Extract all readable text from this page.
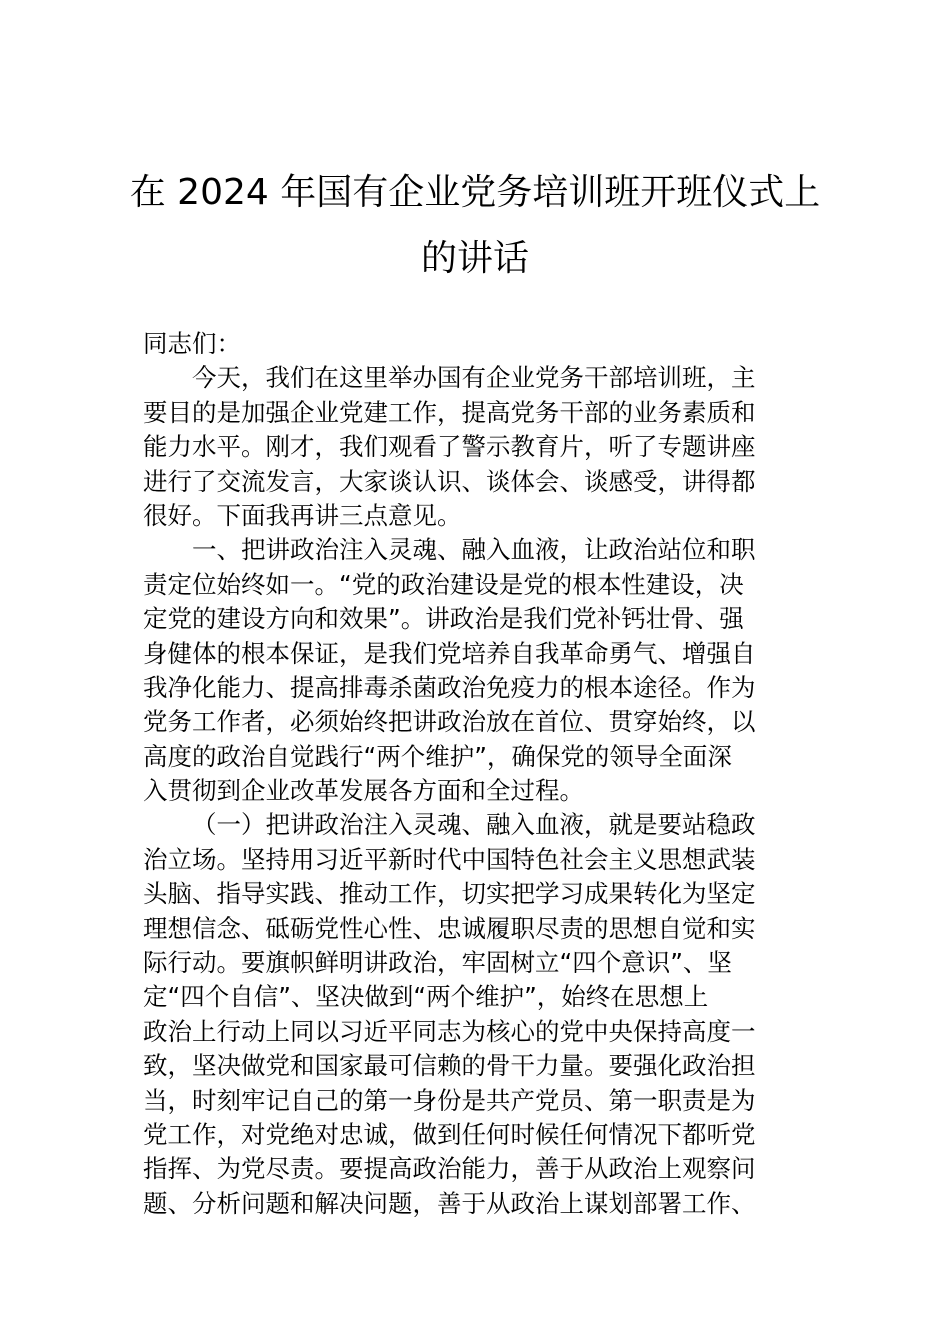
在 2024 年国有企业党务培训班开班仪式上
的讲话
同志们：
今天，我们在这里举办国有企业党务干部培训班，主
要目的是加强企业党建工作，提高党务干部的业务素质和
能力水平。刚才，我们观看了警示教育片，听了专题讲座
进行了交流发言，大家谈认识、谈体会、谈感受，讲得都
很好。下面我再讲三点意见。
一、把讲政治注入灵魂、融入血液，让政治站位和职
责定位始终如一。“党的政治建设是党的根本性建设，决
定党的建设方向和效果”。讲政治是我们党补钙壮骨、强
身健体的根本保证，是我们党培养自我革命勇气、增强自
我净化能力、提高排毒杀菌政治免疫力的根本途径。作为
党务工作者，必须始终把讲政治放在首位、贯穿始终，以
高度的政治自觉践行“两个维护”，确保党的领导全面深
入贯彻到企业改革发展各方面和全过程。
（一）把讲政治注入灵魂、融入血液，就是要站稳政
治立场。坚持用习近平新时代中国特色社会主义思想武装
头脑、指导实践、推动工作，切实把学习成果转化为坚定
理想信念、砥砺党性心性、忠诚履职尽责的思想自觉和实
际行动。要旗帜鲜明讲政治，牢固树立“四个意识”、坚
定“四个自信”、坚决做到“两个维护”，始终在思想上
政治上行动上同以习近平同志为核心的党中央保持高度一
致，坚决做党和国家最可信赖的骨干力量。要强化政治担
当，时刻牢记自己的第一身份是共产党员、第一职责是为
党工作，对党绝对忠诚，做到任何时候任何情况下都听党
指挥、为党尽责。要提高政治能力，善于从政治上观察问
题、分析问题和解决问题，善于从政治上谋划部署工作、
